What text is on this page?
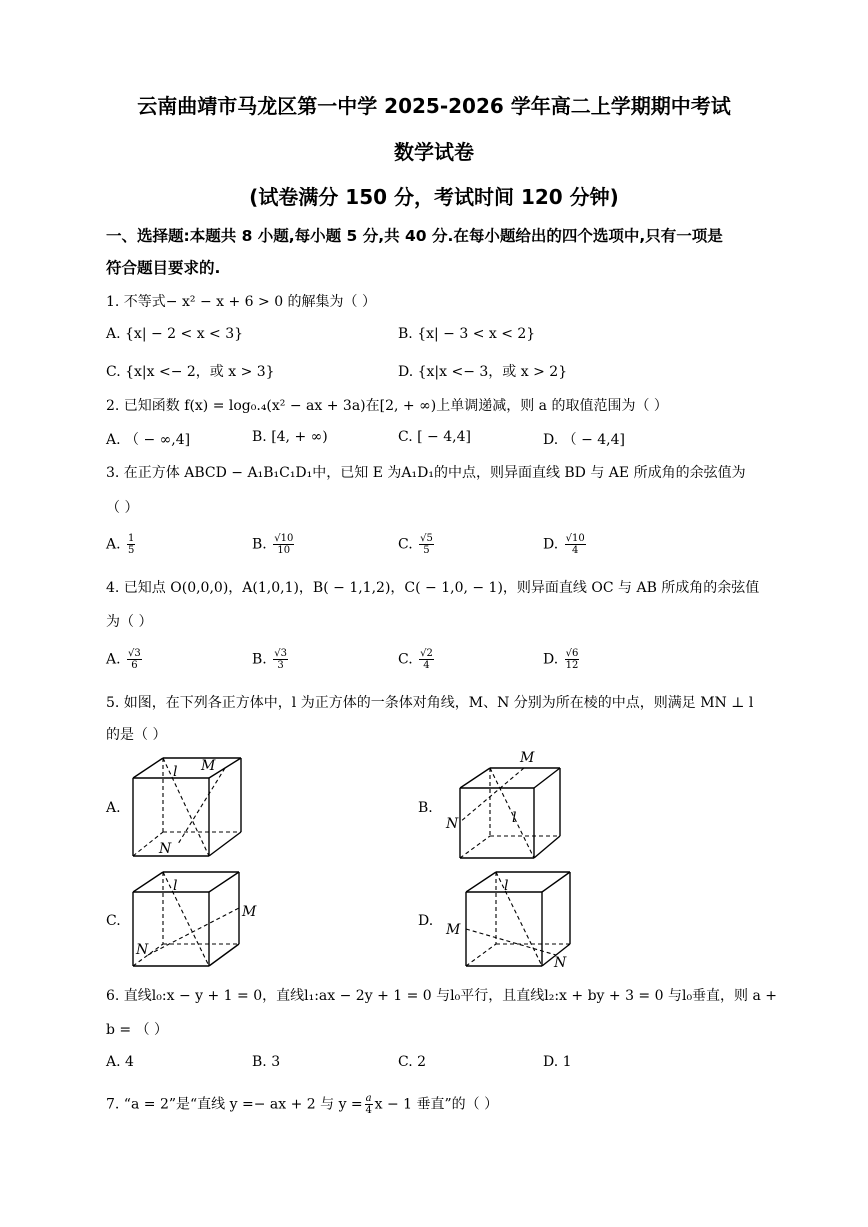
云南曲靖市马龙区第一中学 2025-2026 学年高二上学期期中考试
数学试卷
(试卷满分 150 分，考试时间 120 分钟)
一、选择题:本题共 8 小题,每小题 5 分,共 40 分.在每小题给出的四个选项中,只有一项是
符合题目要求的.
1. 不等式− x² − x + 6 > 0 的解集为（ ）
A. {x| − 2 < x < 3}	B. {x| − 3 < x < 2}
C. {x|x <− 2，或 x > 3}	D. {x|x <− 3，或 x > 2}
2. 已知函数 f(x) = log₀.₄(x² − ax + 3a)在[2, + ∞)上单调递减，则 a 的取值范围为（ ）
A. （ − ∞,4]	B. [4, + ∞)	C. [ − 4,4]	D. （ − 4,4]
3. 在正方体 ABCD − A₁B₁C₁D₁中，已知 E 为A₁D₁的中点，则异面直线 BD 与 AE 所成角的余弦值为
（ ）
A. $\frac{1}{5}$	B. $\frac{√10}{10}$	C. $\frac{√5}{5}$	D. $\frac{√10}{4}$
4. 已知点 O(0,0,0)，A(1,0,1)，B( − 1,1,2)，C( − 1,0, − 1)，则异面直线 OC 与 AB 所成角的余弦值
为（ ）
A. $\frac{√3}{6}$	B. $\frac{√3}{3}$	C. $\frac{√2}{4}$	D. $\frac{√6}{12}$
5. 如图，在下列各正方体中，l 为正方体的一条体对角线，M、N 分别为所在棱的中点，则满足 MN ⊥ l
的是（ ）
A.	B.
C.	D.
l M
N
M
l
N
l
M
N
l
M
N
6. 直线l₀:x − y + 1 = 0，直线l₁:ax − 2y + 1 = 0 与l₀平行，且直线l₂:x + by + 3 = 0 与l₀垂直，则 a +
b = （ ）
A. 4	B. 3	C. 2	D. 1
7. “a = 2”是“直线 y =− ax + 2 与 $y = \frac{a}{4}$ x − 1 垂直”的（ ）
